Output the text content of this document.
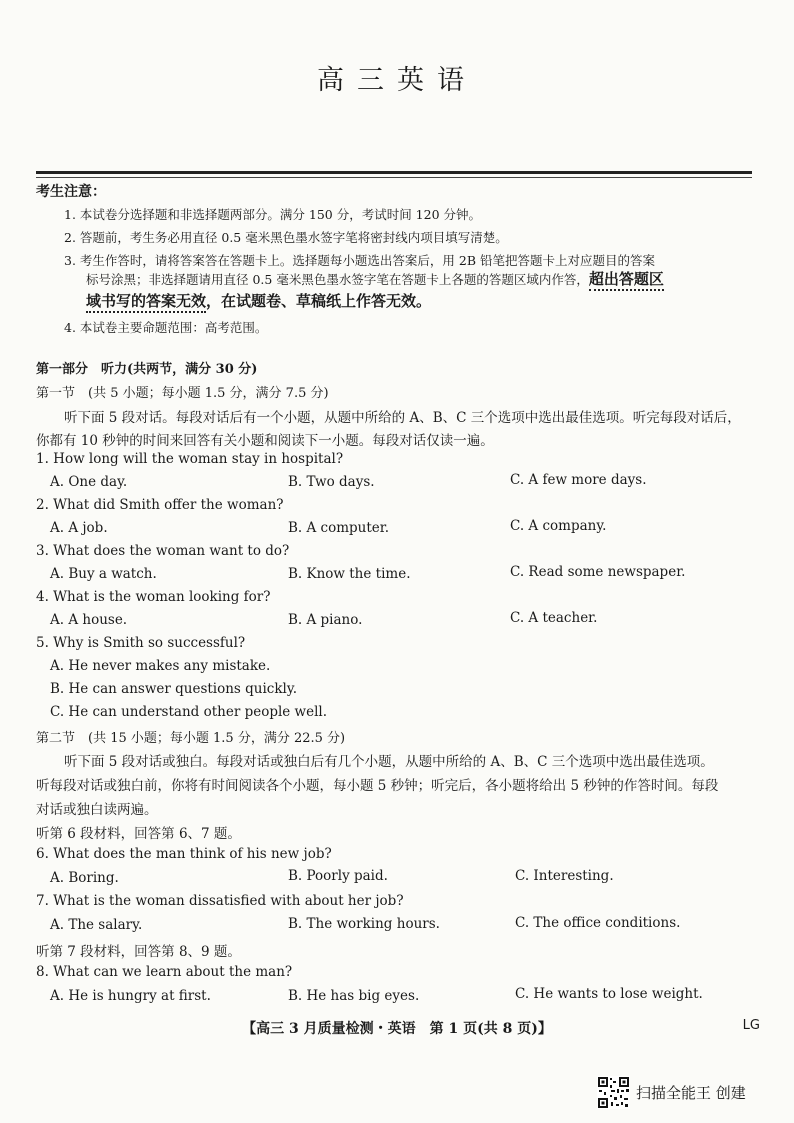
高三英语
考生注意：
1. 本试卷分选择题和非选择题两部分。满分 150 分，考试时间 120 分钟。
2. 答题前，考生务必用直径 0.5 毫米黑色墨水签字笔将密封线内项目填写清楚。
3. 考生作答时，请将答案答在答题卡上。选择题每小题选出答案后，用 2B 铅笔把答题卡上对应题目的答案
标号涂黑；非选择题请用直径 0.5 毫米黑色墨水签字笔在答题卡上各题的答题区域内作答，超出答题区
域书写的答案无效，在试题卷、草稿纸上作答无效。
4. 本试卷主要命题范围：高考范围。
第一部分　听力(共两节，满分 30 分)
第一节　(共 5 小题；每小题 1.5 分，满分 7.5 分)
听下面 5 段对话。每段对话后有一个小题，从题中所给的 A、B、C 三个选项中选出最佳选项。听完每段对话后，
你都有 10 秒钟的时间来回答有关小题和阅读下一小题。每段对话仅读一遍。
1. How long will the woman stay in hospital?
A. One day.	B. Two days.	C. A few more days.
2. What did Smith offer the woman?
A. A job.	B. A computer.	C. A company.
3. What does the woman want to do?
A. Buy a watch.	B. Know the time.	C. Read some newspaper.
4. What is the woman looking for?
A. A house.	B. A piano.	C. A teacher.
5. Why is Smith so successful?
A. He never makes any mistake.
B. He can answer questions quickly.
C. He can understand other people well.
第二节　(共 15 小题；每小题 1.5 分，满分 22.5 分)
听下面 5 段对话或独白。每段对话或独白后有几个小题，从题中所给的 A、B、C 三个选项中选出最佳选项。
听每段对话或独白前，你将有时间阅读各个小题，每小题 5 秒钟；听完后，各小题将给出 5 秒钟的作答时间。每段
对话或独白读两遍。
听第 6 段材料，回答第 6、7 题。
6. What does the man think of his new job?
A. Boring.	B. Poorly paid.	C. Interesting.
7. What is the woman dissatisfied with about her job?
A. The salary.	B. The working hours.	C. The office conditions.
听第 7 段材料，回答第 8、9 题。
8. What can we learn about the man?
A. He is hungry at first.	B. He has big eyes.	C. He wants to lose weight.
【高三 3 月质量检测・英语　第 1 页(共 8 页)】	LG
扫描全能王 创建
